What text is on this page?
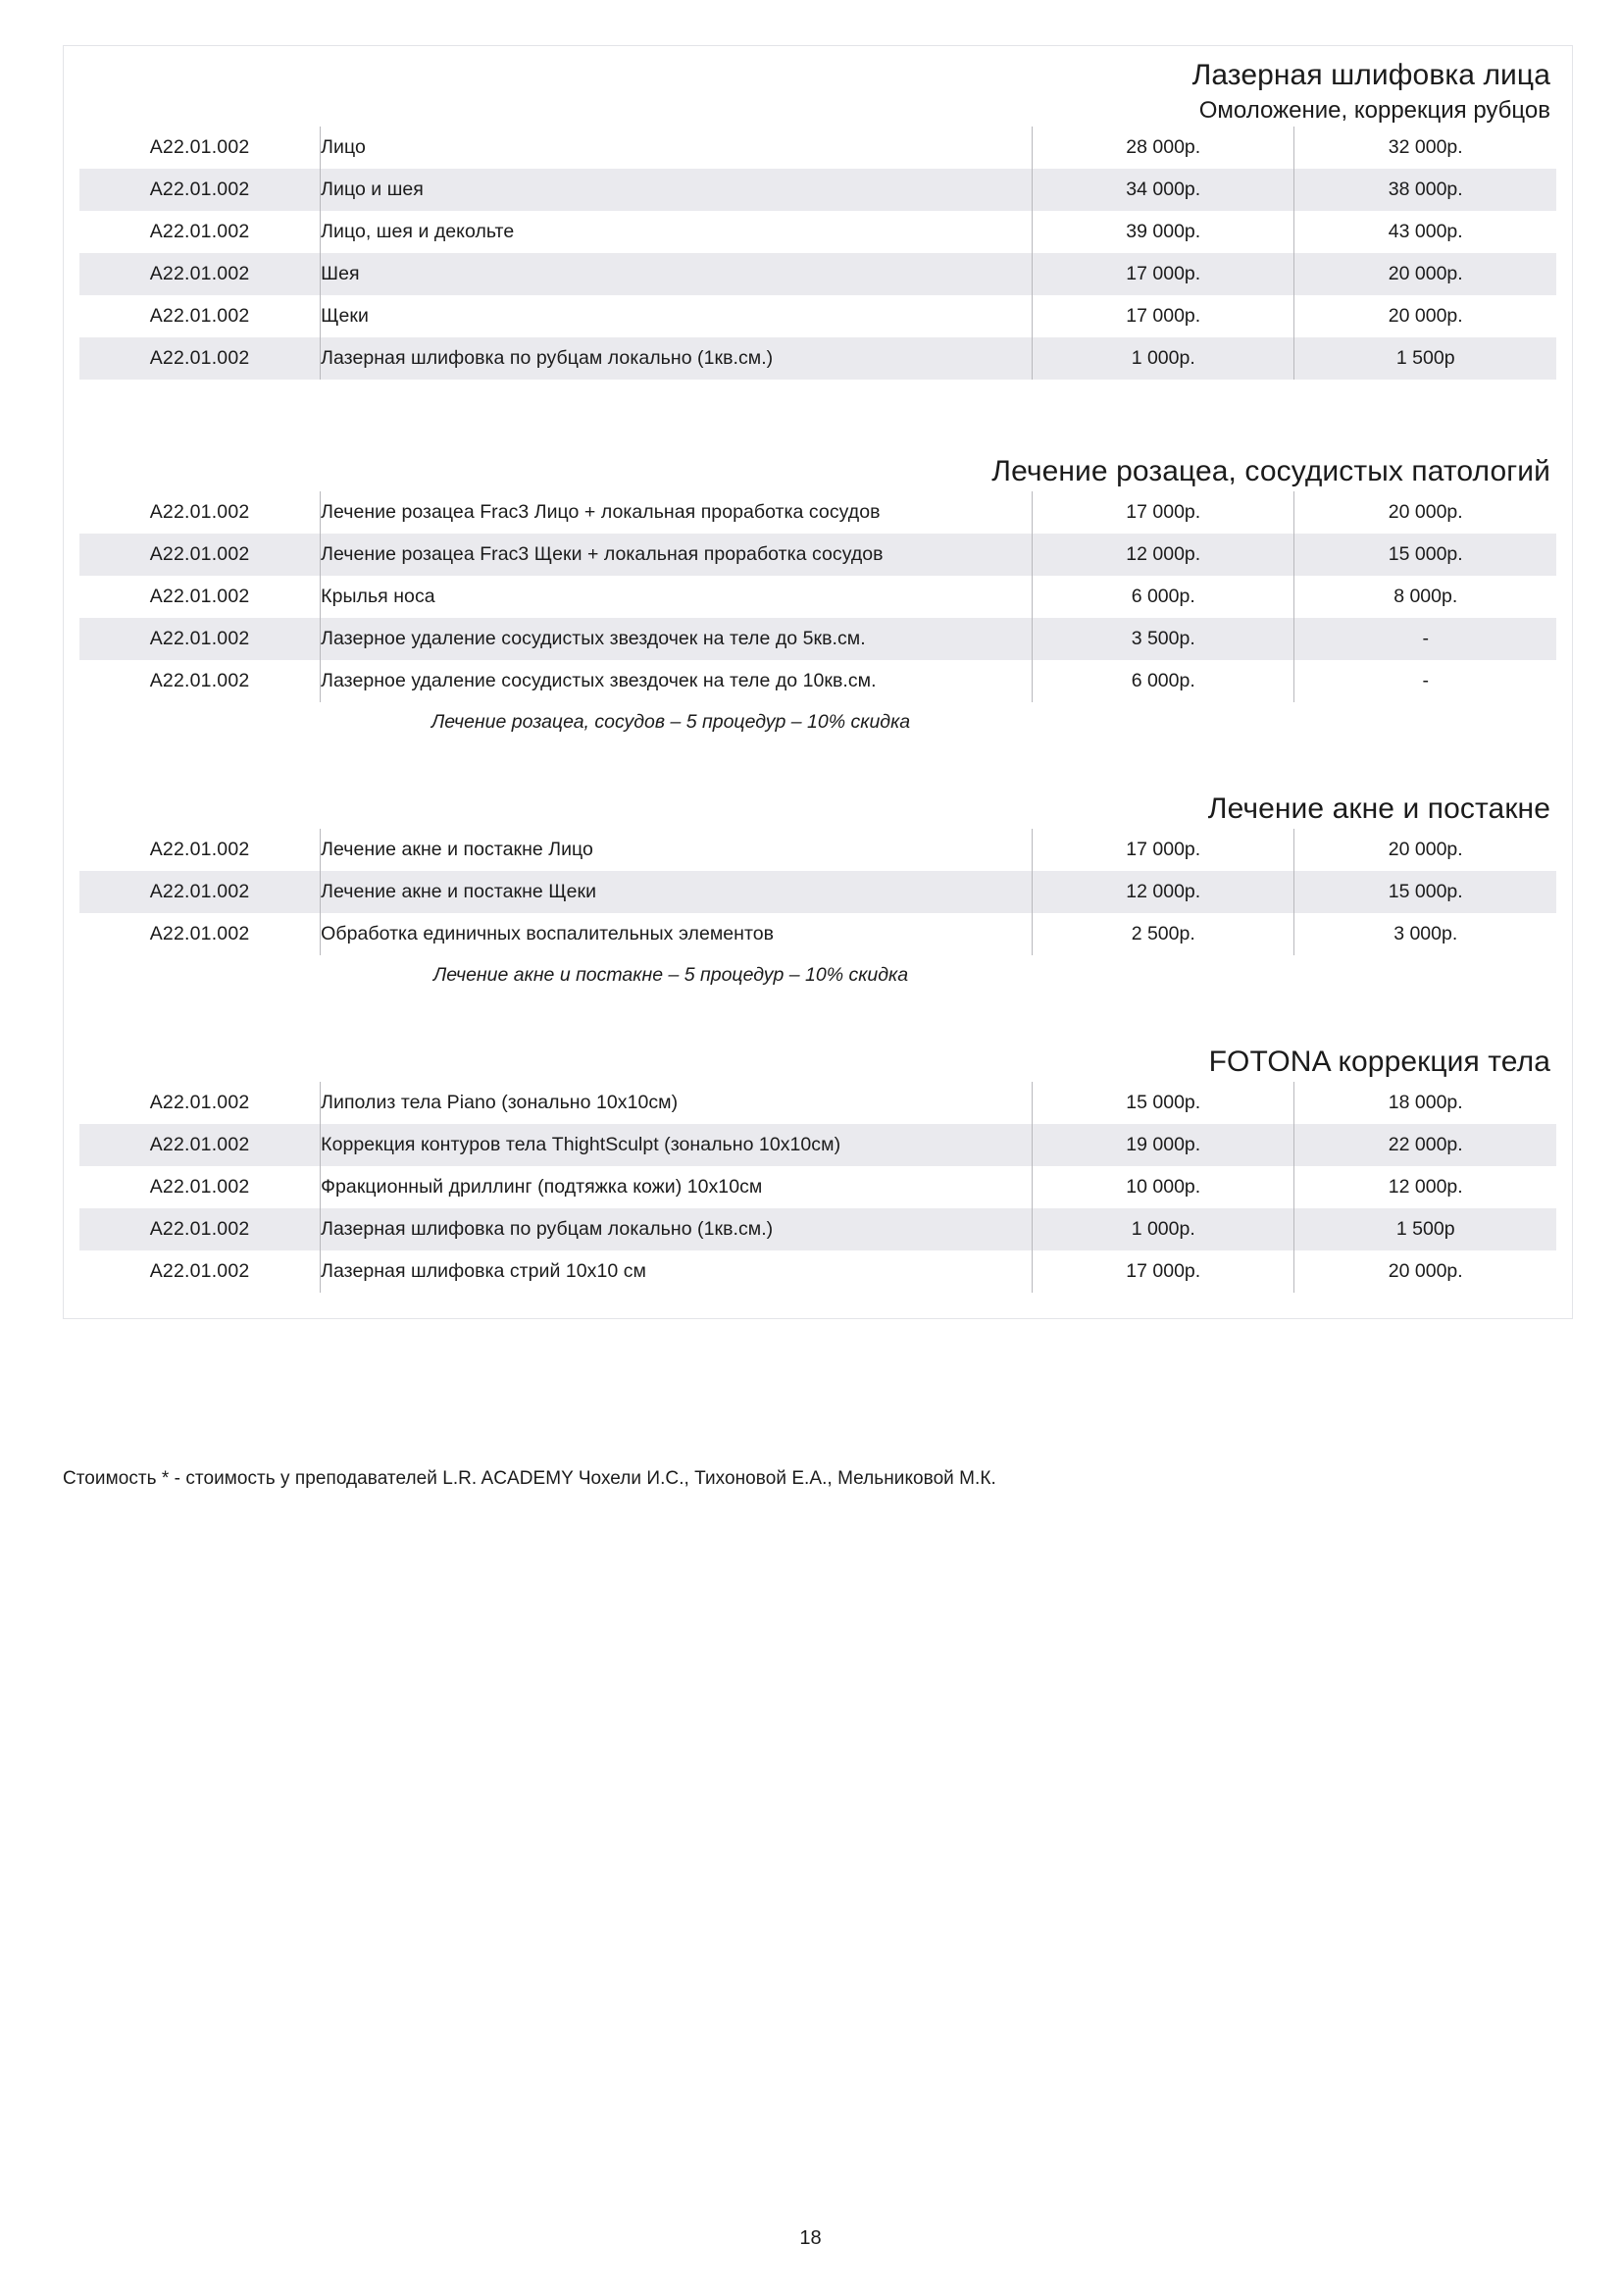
Лазерная шлифовка лица
Омоложение, коррекция рубцов
A22.01.002	Лицо	28 000р.	32 000р.
A22.01.002	Лицо и шея	34 000р.	38 000р.
A22.01.002	Лицо, шея и декольте	39 000р.	43 000р.
A22.01.002	Шея	17 000р.	20 000р.
A22.01.002	Щеки	17 000р.	20 000р.
A22.01.002	Лазерная шлифовка по рубцам локально (1кв.см.)	1 000р.	1 500р
Лечение розацеа, сосудистых патологий
A22.01.002	Лечение розацеа Frac3 Лицо + локальная проработка сосудов	17 000р.	20 000р.
A22.01.002	Лечение розацеа Frac3 Щеки + локальная проработка сосудов	12 000р.	15 000р.
A22.01.002	Крылья носа	6 000р.	8 000р.
A22.01.002	Лазерное удаление сосудистых звездочек на теле до 5кв.см.	3 500р.	-
A22.01.002	Лазерное удаление сосудистых звездочек на теле до 10кв.см.	6 000р.	-
Лечение розацеа, сосудов – 5 процедур – 10% скидка
Лечение акне и постакне
A22.01.002	Лечение акне и постакне Лицо	17 000р.	20 000р.
A22.01.002	Лечение акне и постакне Щеки	12 000р.	15 000р.
A22.01.002	Обработка единичных воспалительных элементов	2 500р.	3 000р.
Лечение акне и постакне – 5 процедур – 10% скидка
FOTONA коррекция тела
A22.01.002	Липолиз тела Piano (зонально 10х10см)	15 000р.	18 000р.
A22.01.002	Коррекция контуров тела ThightSculpt (зонально 10х10см)	19 000р.	22 000р.
A22.01.002	Фракционный дриллинг (подтяжка кожи) 10х10см	10 000р.	12 000р.
A22.01.002	Лазерная шлифовка по рубцам локально (1кв.см.)	1 000р.	1 500р
A22.01.002	Лазерная шлифовка стрий 10х10 см	17 000р.	20 000р.
Стоимость * - стоимость у преподавателей L.R. ACADEMY Чохели И.С., Тихоновой Е.А., Мельниковой М.К.
18
